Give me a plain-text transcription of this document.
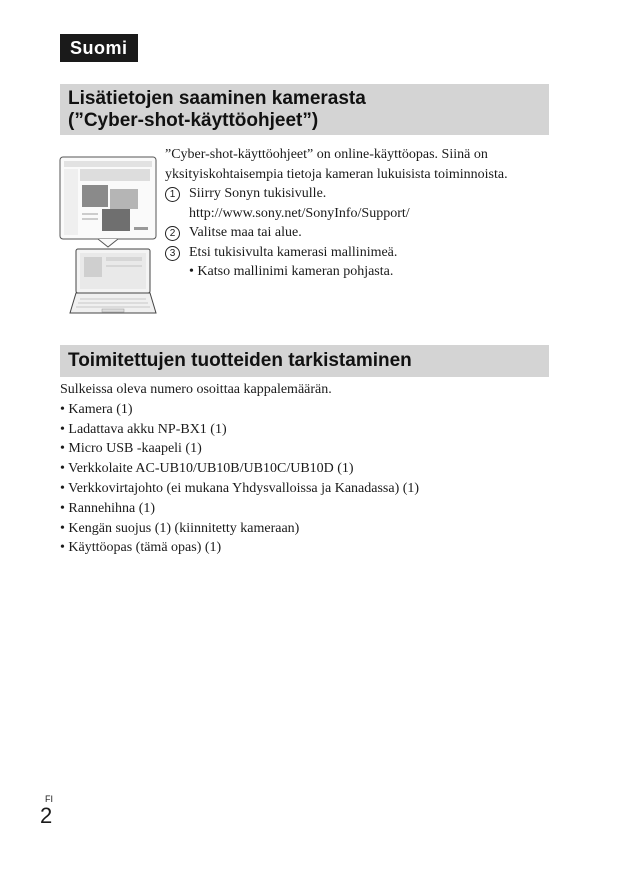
Suomi
Lisätietojen saaminen kamerasta
(”Cyber-shot-käyttöohjeet”)

”Cyber-shot-käyttöohjeet” on online-käyttöopas. Siinä on

yksityiskohtaisempia tietoja kameran lukuisista toiminnoista.

1 Siirry Sonyn tukisivulle.
http://www.sony.net/SonyInfo/Support/
2 Valitse maa tai alue.
3 Etsi tukisivulta kamerasi mallinimeä.
• Katso mallinimi kameran pohjasta.
Toimitettujen tuotteiden tarkistaminen

Sulkeissa oleva numero osoittaa kappalemäärän.

• Kamera (1)
• Ladattava akku NP-BX1 (1)
• Micro USB -kaapeli (1)
• Verkkolaite AC-UB10/UB10B/UB10C/UB10D (1)
• Verkkovirtajohto (ei mukana Yhdysvalloissa ja Kanadassa) (1)
• Rannehihna (1)
• Kengän suojus (1) (kiinnitetty kameraan)
• Käyttöopas (tämä opas) (1)
FI
2
